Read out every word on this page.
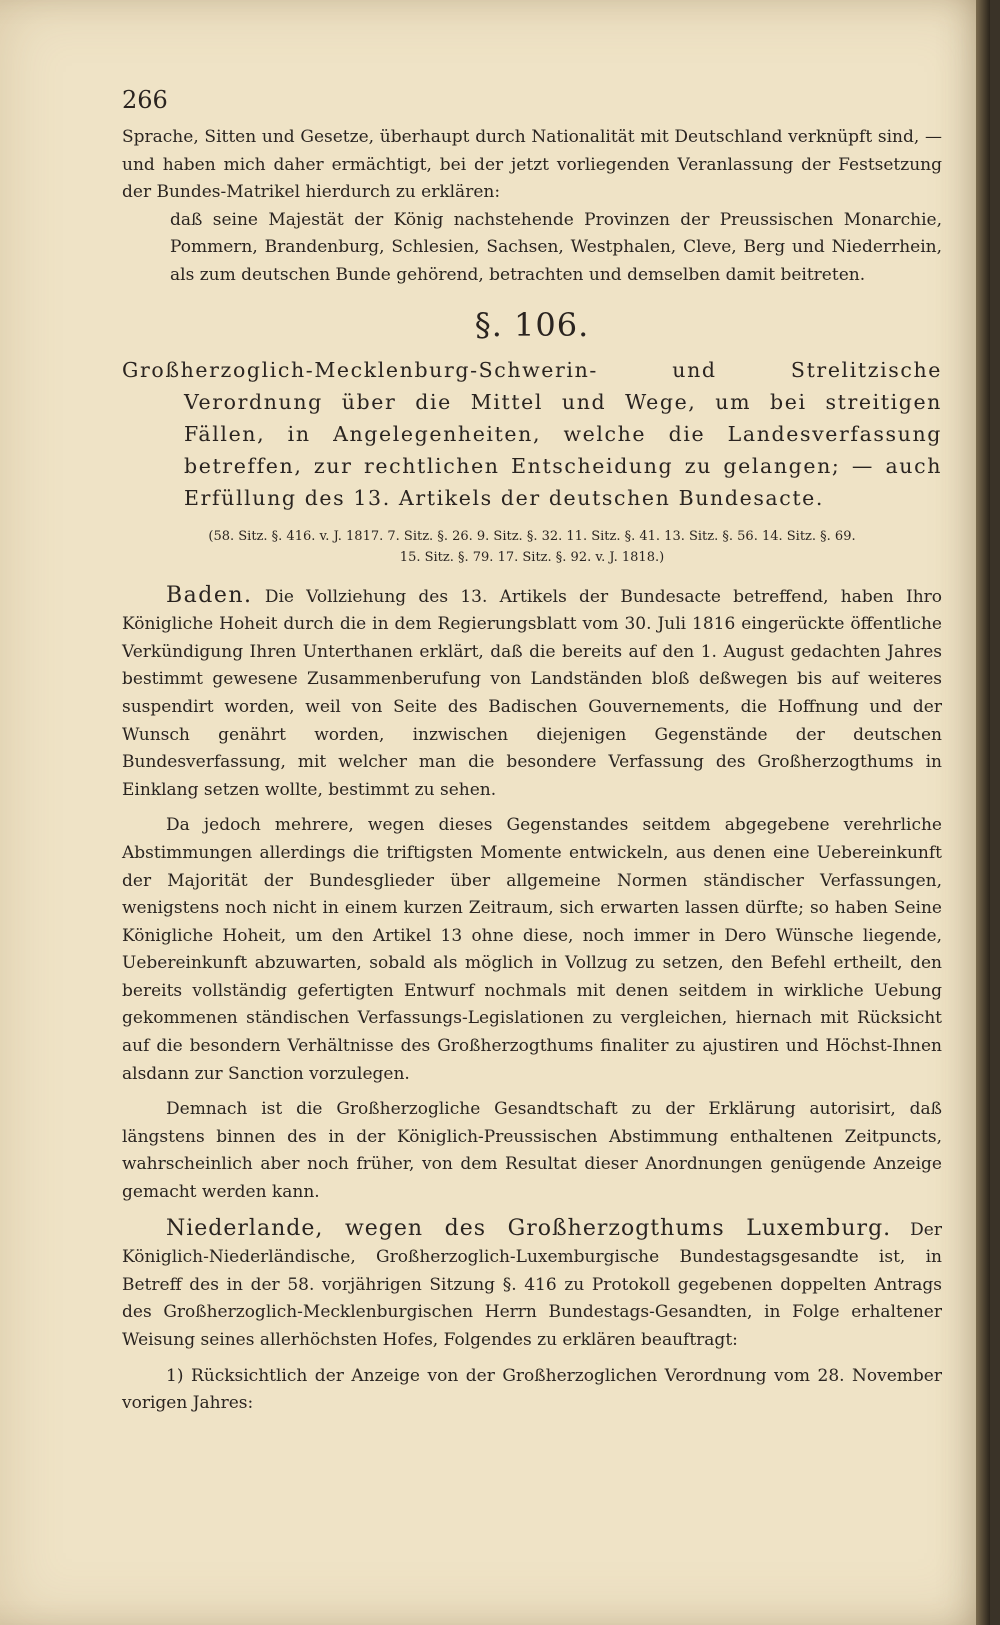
266

Sprache, Sitten und Gesetze, überhaupt durch Nationalität mit Deutschland verknüpft sind, — und haben mich daher ermächtigt, bei der jetzt vorliegenden Veranlassung der Festsetzung der Bundes-Matrikel hierdurch zu erklären:

daß seine Majestät der König nachstehende Provinzen der Preussischen Monarchie, Pommern, Brandenburg, Schlesien, Sachsen, Westphalen, Cleve, Berg und Niederrhein, als zum deutschen Bunde gehörend, betrachten und demselben damit beitreten.

§. 106.

Großherzoglich-Mecklenburg-Schwerin- und Strelitzische Verordnung über die Mittel und Wege, um bei streitigen Fällen, in Angelegenheiten, welche die Landesverfassung betreffen, zur rechtlichen Entscheidung zu gelangen; — auch Erfüllung des 13. Artikels der deutschen Bundesacte.

(58. Sitz. §. 416. v. J. 1817. 7. Sitz. §. 26. 9. Sitz. §. 32. 11. Sitz. §. 41. 13. Sitz. §. 56. 14. Sitz. §. 69.
15. Sitz. §. 79. 17. Sitz. §. 92. v. J. 1818.)

Baden. Die Vollziehung des 13. Artikels der Bundesacte betreffend, haben Ihro Königliche Hoheit durch die in dem Regierungsblatt vom 30. Juli 1816 eingerückte öffentliche Verkündigung Ihren Unterthanen erklärt, daß die bereits auf den 1. August gedachten Jahres bestimmt gewesene Zusammenberufung von Landständen bloß deßwegen bis auf weiteres suspendirt worden, weil von Seite des Badischen Gouvernements, die Hoffnung und der Wunsch genährt worden, inzwischen diejenigen Gegenstände der deutschen Bundesverfassung, mit welcher man die besondere Verfassung des Großherzogthums in Einklang setzen wollte, bestimmt zu sehen.

Da jedoch mehrere, wegen dieses Gegenstandes seitdem abgegebene verehrliche Abstimmungen allerdings die triftigsten Momente entwickeln, aus denen eine Uebereinkunft der Majorität der Bundesglieder über allgemeine Normen ständischer Verfassungen, wenigstens noch nicht in einem kurzen Zeitraum, sich erwarten lassen dürfte; so haben Seine Königliche Hoheit, um den Artikel 13 ohne diese, noch immer in Dero Wünsche liegende, Uebereinkunft abzuwarten, sobald als möglich in Vollzug zu setzen, den Befehl ertheilt, den bereits vollständig gefertigten Entwurf nochmals mit denen seitdem in wirkliche Uebung gekommenen ständischen Verfassungs-Legislationen zu vergleichen, hiernach mit Rücksicht auf die besondern Verhältnisse des Großherzogthums finaliter zu ajustiren und Höchst-Ihnen alsdann zur Sanction vorzulegen.

Demnach ist die Großherzogliche Gesandtschaft zu der Erklärung autorisirt, daß längstens binnen des in der Königlich-Preussischen Abstimmung enthaltenen Zeitpuncts, wahrscheinlich aber noch früher, von dem Resultat dieser Anordnungen genügende Anzeige gemacht werden kann.

Niederlande, wegen des Großherzogthums Luxemburg. Der Königlich-Niederländische, Großherzoglich-Luxemburgische Bundestagsgesandte ist, in Betreff des in der 58. vorjährigen Sitzung §. 416 zu Protokoll gegebenen doppelten Antrags des Großherzoglich-Mecklenburgischen Herrn Bundestags-Gesandten, in Folge erhaltener Weisung seines allerhöchsten Hofes, Folgendes zu erklären beauftragt:

1) Rücksichtlich der Anzeige von der Großherzoglichen Verordnung vom 28. November vorigen Jahres:
